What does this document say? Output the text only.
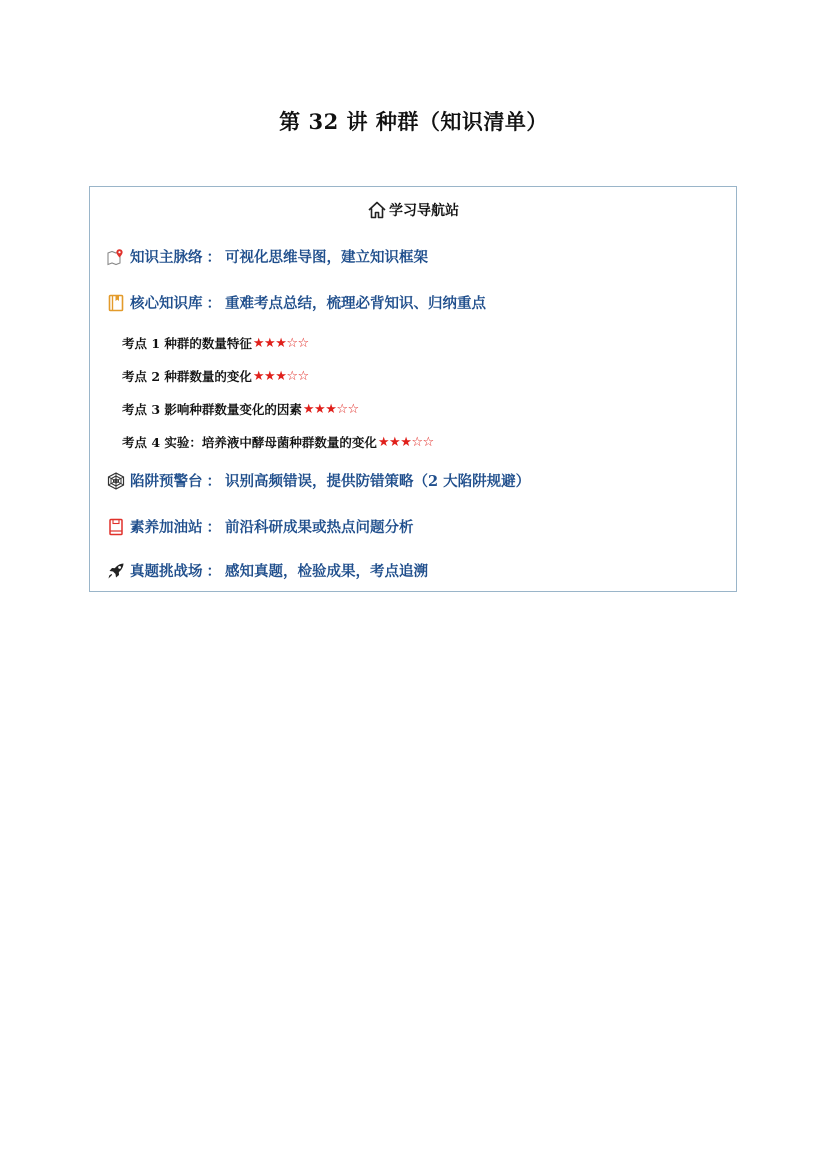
第 32 讲 种群（知识清单）
学习导航站
知识主脉络 ： 可视化思维导图，建立知识框架
核心知识库 ： 重难考点总结，梳理必背知识、归纳重点
考点 1 种群的数量特征 ★★★☆☆
考点 2 种群数量的变化 ★★★☆☆
考点 3 影响种群数量变化的因素 ★★★☆☆
考点 4 实验：培养液中酵母菌种群数量的变化 ★★★☆☆
陷阱预警台 ： 识别高频错误，提供防错策略（2 大陷阱规避）
素养加油站 ： 前沿科研成果或热点问题分析
真题挑战场 ： 感知真题，检验成果，考点追溯
